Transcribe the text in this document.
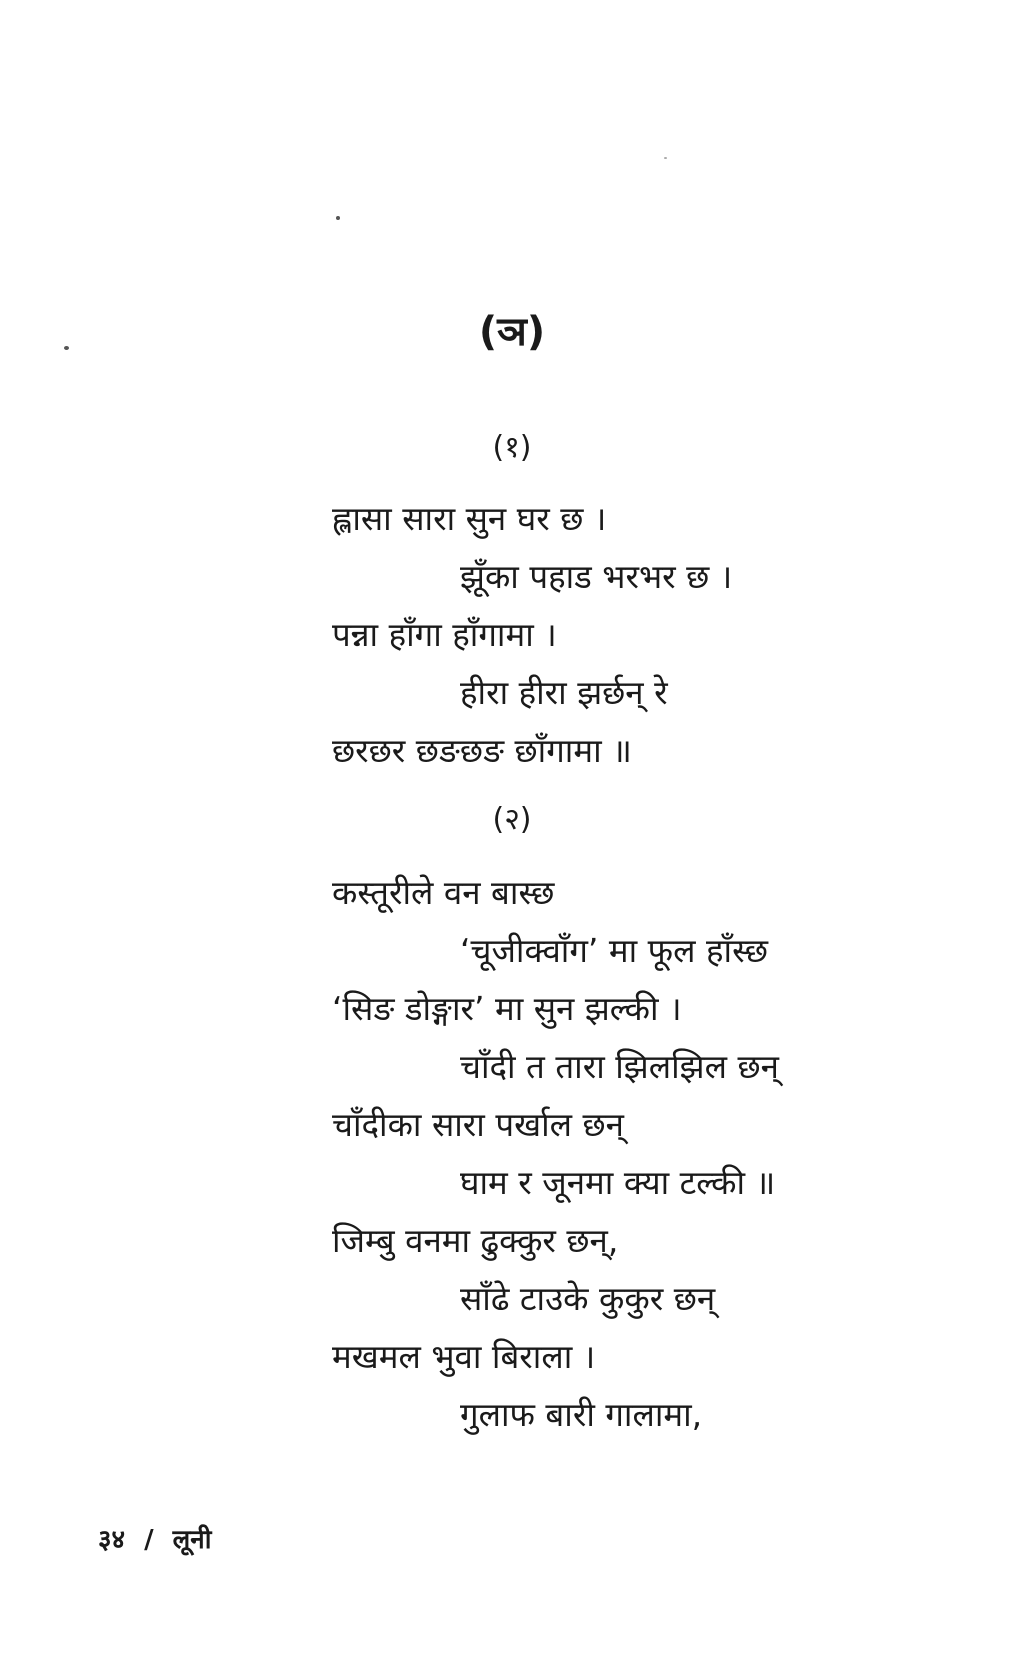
(ञ)
(१)
ह्लासा सारा सुन घर छ ।
झूँका पहाड भरभर छ ।
पन्ना हाँगा हाँगामा ।
हीरा हीरा झर्छन् रे
छरछर छङछङ छाँगामा ॥
(२)
कस्तूरीले वन बास्छ
‘चूजीक्वाँग’ मा फूल हाँस्छ
‘सिङ डोङ्गार’ मा सुन झल्की ।
चाँदी त तारा झिलझिल छन्
चाँदीका सारा पर्खाल छन्
घाम र जूनमा क्या टल्की ॥
जिम्बु वनमा ढुक्कुर छन्,
साँढे टाउके कुकुर छन्
मखमल भुवा बिराला ।
गुलाफ बारी गालामा,
३४ / लूनी
